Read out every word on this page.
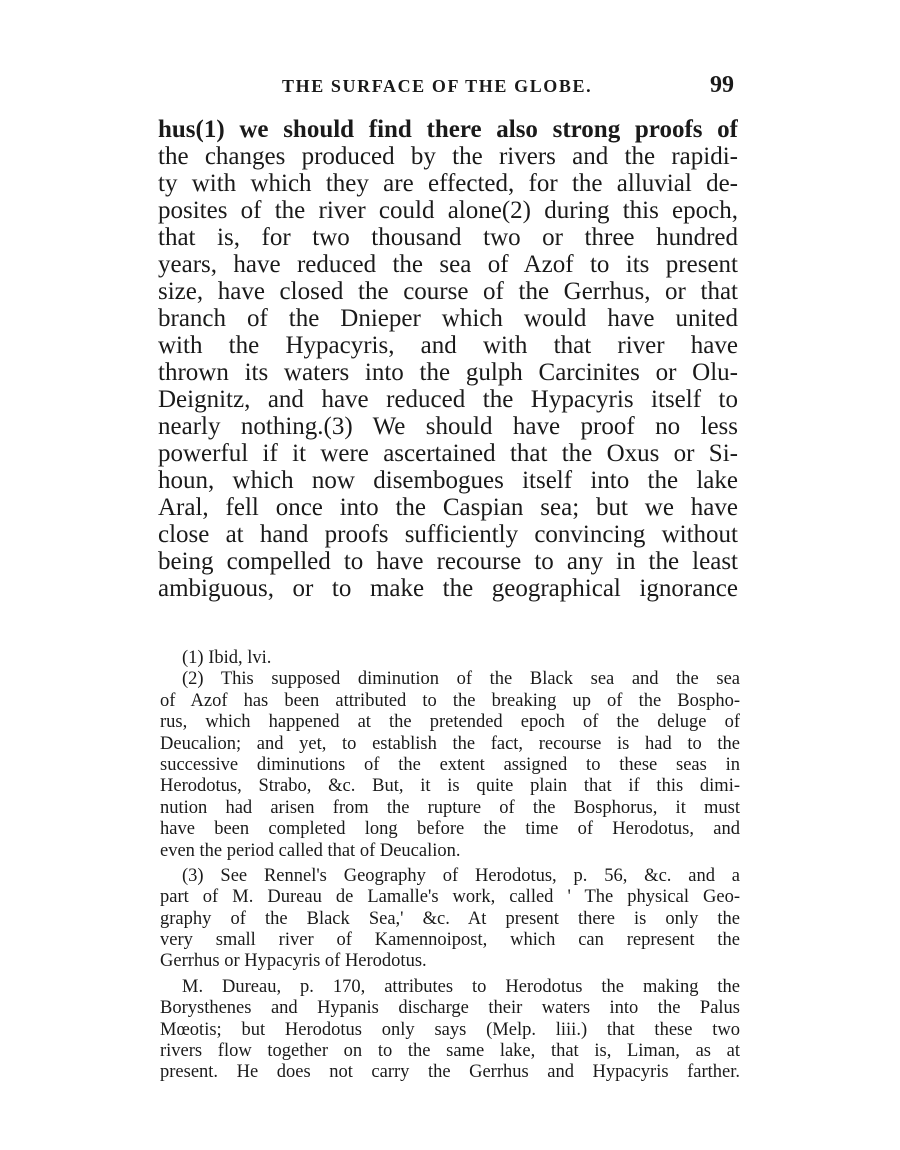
THE SURFACE OF THE GLOBE.	99
hus(1) we should find there also strong proofs of
the changes produced by the rivers and the rapidi-
ty with which they are effected, for the alluvial de-
posites of the river could alone(2) during this epoch,
that is, for two thousand two or three hundred
years, have reduced the sea of Azof to its present
size, have closed the course of the Gerrhus, or that
branch of the Dnieper which would have united
with the Hypacyris, and with that river have
thrown its waters into the gulph Carcinites or Olu-
Deignitz, and have reduced the Hypacyris itself to
nearly nothing.(3) We should have proof no less
powerful if it were ascertained that the Oxus or Si-
houn, which now disembogues itself into the lake
Aral, fell once into the Caspian sea; but we have
close at hand proofs sufficiently convincing without
being compelled to have recourse to any in the least
ambiguous, or to make the geographical ignorance
(1) Ibid, lvi.
(2) This supposed diminution of the Black sea and the sea
of Azof has been attributed to the breaking up of the Bospho-
rus, which happened at the pretended epoch of the deluge of
Deucalion; and yet, to establish the fact, recourse is had to the
successive diminutions of the extent assigned to these seas in
Herodotus, Strabo, &c. But, it is quite plain that if this dimi-
nution had arisen from the rupture of the Bosphorus, it must
have been completed long before the time of Herodotus, and
even the period called that of Deucalion.
(3) See Rennel's Geography of Herodotus, p. 56, &c. and a
part of M. Dureau de Lamalle's work, called ' The physical Geo-
graphy of the Black Sea,' &c. At present there is only the
very small river of Kamennoipost, which can represent the
Gerrhus or Hypacyris of Herodotus.
M. Dureau, p. 170, attributes to Herodotus the making the
Borysthenes and Hypanis discharge their waters into the Palus
Mœotis; but Herodotus only says (Melp. liii.) that these two
rivers flow together on to the same lake, that is, Liman, as at
present. He does not carry the Gerrhus and Hypacyris farther.
